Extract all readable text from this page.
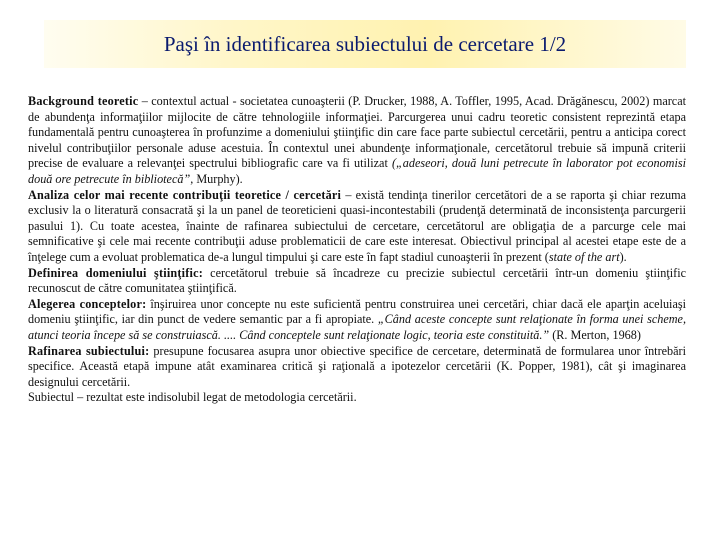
Paşi în identificarea subiectului de cercetare 1/2

Background teoretic – contextul actual - societatea cunoaşterii (P. Drucker, 1988, A. Toffler, 1995, Acad. Drăgănescu, 2002) marcat de abundenţa informaţiilor mijlocite de către tehnologiile informaţiei. Parcurgerea unui cadru teoretic consistent reprezintă etapa fundamentală pentru cunoaşterea în profunzime a domeniului ştiinţific din care face parte subiectul cercetării, pentru a anticipa corect nivelul contribuţiilor personale aduse acestuia. În contextul unei abundenţe informaţionale, cercetătorul trebuie să impună criterii precise de evaluare a relevanţei spectrului bibliografic care va fi utilizat („adeseori, două luni petrecute în laborator pot economisi două ore petrecute în bibliotecă”, Murphy).

Analiza celor mai recente contribuţii teoretice / cercetări – există tendinţa tinerilor cercetători de a se raporta şi chiar rezuma exclusiv la o literatură consacrată şi la un panel de teoreticieni quasi-incontestabili (prudenţă determinată de inconsistenţa parcurgerii pasului 1). Cu toate acestea, înainte de rafinarea subiectului de cercetare, cercetătorul are obligaţia de a parcurge cele mai semnificative şi cele mai recente contribuţii aduse problematicii de care este interesat. Obiectivul principal al acestei etape este de a înţelege cum a evoluat problematica de-a lungul timpului şi care este în fapt stadiul cunoaşterii în prezent (state of the art).

Definirea domeniului ştiinţific: cercetătorul trebuie să încadreze cu precizie subiectul cercetării într-un domeniu ştiinţific recunoscut de către comunitatea ştiinţifică.

Alegerea conceptelor: înşiruirea unor concepte nu este suficientă pentru construirea unei cercetări, chiar dacă ele aparţin aceluiaşi domeniu ştiinţific, iar din punct de vedere semantic par a fi apropiate. „Când aceste concepte sunt relaţionate în forma unei scheme, atunci teoria începe să se construiască. .... Când conceptele sunt relaţionate logic, teoria este constituită.” (R. Merton, 1968)

Rafinarea subiectului: presupune focusarea asupra unor obiective specifice de cercetare, determinată de formularea unor întrebări specifice. Această etapă impune atât examinarea critică şi raţională a ipotezelor cercetării (K. Popper, 1981), cât şi imaginarea designului cercetării.

Subiectul – rezultat este indisolubil legat de metodologia cercetării.
